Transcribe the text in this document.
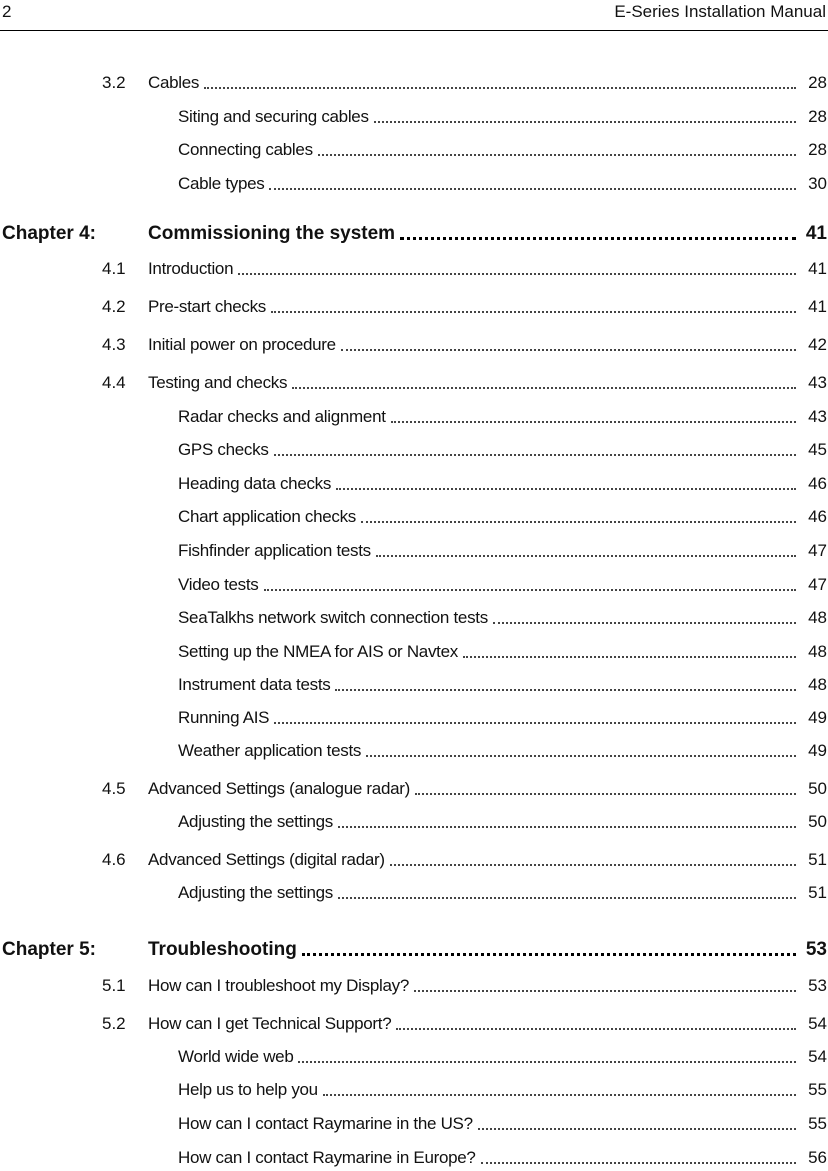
2	E-Series Installation Manual
3.2 Cables	28
Siting and securing cables	28
Connecting cables	28
Cable types	30
Chapter 4:	Commissioning the system	41
4.1 Introduction	41
4.2 Pre-start checks	41
4.3 Initial power on procedure	42
4.4 Testing and checks	43
Radar checks and alignment	43
GPS checks	45
Heading data checks	46
Chart application checks	46
Fishfinder application tests	47
Video tests	47
SeaTalkhs network switch connection tests	48
Setting up the NMEA for AIS or Navtex	48
Instrument data tests	48
Running AIS	49
Weather application tests	49
4.5 Advanced Settings (analogue radar)	50
Adjusting the settings	50
4.6 Advanced Settings (digital radar)	51
Adjusting the settings	51
Chapter 5:	Troubleshooting	53
5.1 How can I troubleshoot my Display?	53
5.2 How can I get Technical Support?	54
World wide web	54
Help us to help you	55
How can I contact Raymarine in the US?	55
How can I contact Raymarine in Europe?	56
